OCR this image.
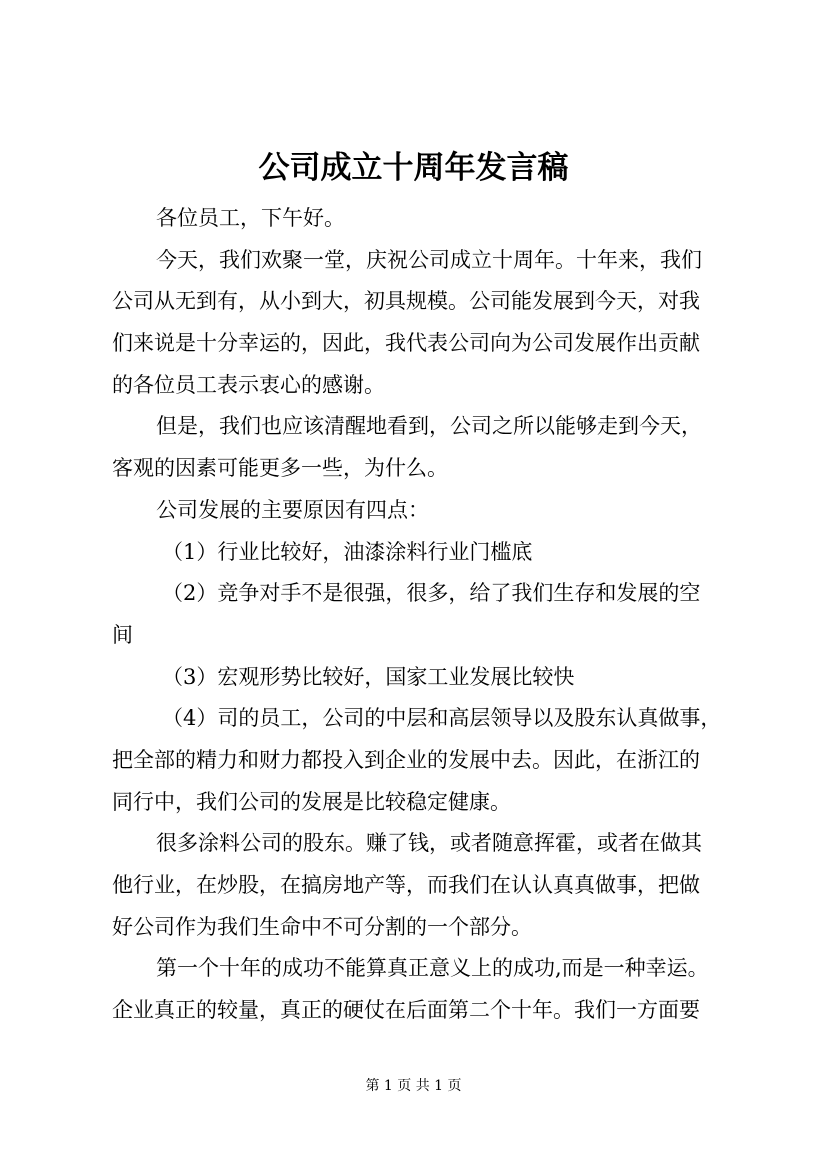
公司成立十周年发言稿
各位员工，下午好。
今天，我们欢聚一堂，庆祝公司成立十周年。十年来，我们
公司从无到有，从小到大，初具规模。公司能发展到今天，对我
们来说是十分幸运的，因此，我代表公司向为公司发展作出贡献
的各位员工表示衷心的感谢。
但是，我们也应该清醒地看到，公司之所以能够走到今天，
客观的因素可能更多一些，为什么。
公司发展的主要原因有四点：
（1）行业比较好，油漆涂料行业门槛底
（2）竞争对手不是很强，很多，给了我们生存和发展的空
间
（3）宏观形势比较好，国家工业发展比较快
（4）司的员工，公司的中层和高层领导以及股东认真做事，
把全部的精力和财力都投入到企业的发展中去。因此，在浙江的
同行中，我们公司的发展是比较稳定健康。
很多涂料公司的股东。赚了钱，或者随意挥霍，或者在做其
他行业，在炒股，在搞房地产等，而我们在认认真真做事，把做
好公司作为我们生命中不可分割的一个部分。
第一个十年的成功不能算真正意义上的成功,而是一种幸运。
企业真正的较量，真正的硬仗在后面第二个十年。我们一方面要
第 1 页 共 1 页
